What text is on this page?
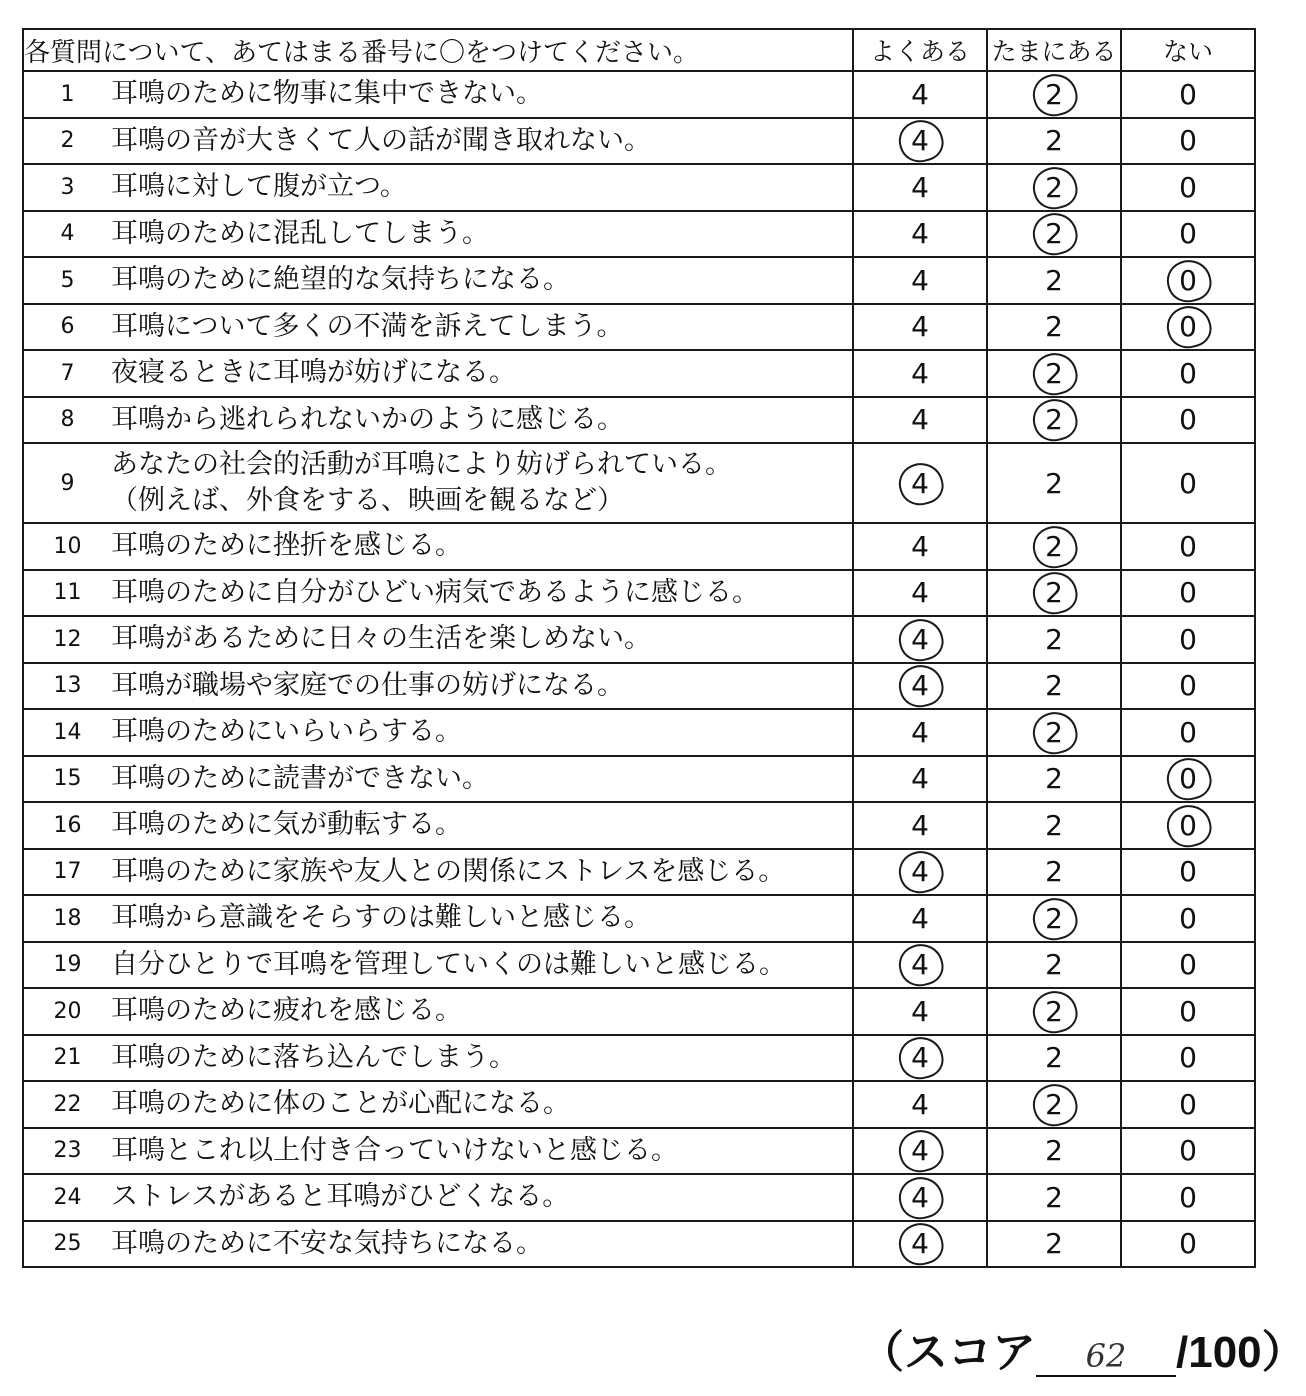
各質問について、あてはまる番号に〇をつけてください。		よくある	たまにある	ない
1	耳鳴のために物事に集中できない。	4	2	0
2	耳鳴の音が大きくて人の話が聞き取れない。	4	2	0
3	耳鳴に対して腹が立つ。	4	2	0
4	耳鳴のために混乱してしまう。	4	2	0
5	耳鳴のために絶望的な気持ちになる。	4	2	0
6	耳鳴について多くの不満を訴えてしまう。	4	2	0
7	夜寝るときに耳鳴が妨げになる。	4	2	0
8	耳鳴から逃れられないかのように感じる。	4	2	0
9	あなたの社会的活動が耳鳴により妨げられている。
（例えば、外食をする、映画を観るなど）	4	2	0
10	耳鳴のために挫折を感じる。	4	2	0
11	耳鳴のために自分がひどい病気であるように感じる。	4	2	0
12	耳鳴があるために日々の生活を楽しめない。	4	2	0
13	耳鳴が職場や家庭での仕事の妨げになる。	4	2	0
14	耳鳴のためにいらいらする。	4	2	0
15	耳鳴のために読書ができない。	4	2	0
16	耳鳴のために気が動転する。	4	2	0
17	耳鳴のために家族や友人との関係にストレスを感じる。	4	2	0
18	耳鳴から意識をそらすのは難しいと感じる。	4	2	0
19	自分ひとりで耳鳴を管理していくのは難しいと感じる。	4	2	0
20	耳鳴のために疲れを感じる。	4	2	0
21	耳鳴のために落ち込んでしまう。	4	2	0
22	耳鳴のために体のことが心配になる。	4	2	0
23	耳鳴とこれ以上付き合っていけないと感じる。	4	2	0
24	ストレスがあると耳鳴がひどくなる。	4	2	0
25	耳鳴のために不安な気持ちになる。	4	2	0
（スコア 62 /100）
